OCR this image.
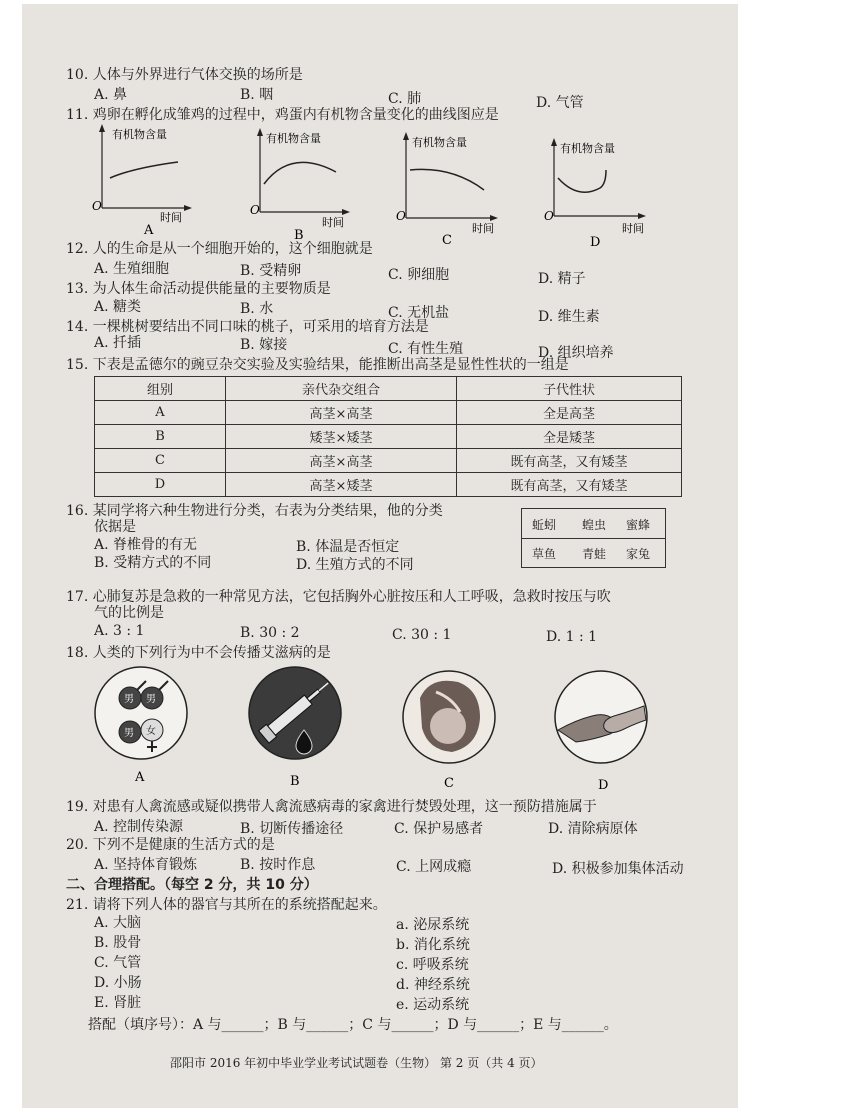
10. 人体与外界进行气体交换的场所是
A. 鼻	B. 咽	C. 肺	D. 气管
11. 鸡卵在孵化成雏鸡的过程中，鸡蛋内有机物含量变化的曲线图应是
有机物含量
O
时间
A
有机物含量
O
时间
B
有机物含量
O
时间
C
有机物含量
O
时间
D
12. 人的生命是从一个细胞开始的，这个细胞就是
A. 生殖细胞	B. 受精卵	C. 卵细胞	D. 精子
13. 为人体生命活动提供能量的主要物质是
A. 糖类	B. 水	C. 无机盐	D. 维生素
14. 一棵桃树要结出不同口味的桃子，可采用的培育方法是
A. 扦插	B. 嫁接	C. 有性生殖	D. 组织培养
15. 下表是孟德尔的豌豆杂交实验及实验结果，能推断出高茎是显性性状的一组是
组别	亲代杂交组合	子代性状
A	高茎×高茎	全是高茎
B	矮茎×矮茎	全是矮茎
C	高茎×高茎	既有高茎，又有矮茎
D	高茎×矮茎	既有高茎，又有矮茎
16. 某同学将六种生物进行分类，右表为分类结果，他的分类
依据是
A. 脊椎骨的有无	B. 体温是否恒定
B. 受精方式的不同	D. 生殖方式的不同
蚯蚓 蝗虫 蜜蜂
草鱼 青蛙 家兔
17. 心肺复苏是急救的一种常见方法，它包括胸外心脏按压和人工呼吸，急救时按压与吹
气的比例是
A. 3 : 1	B. 30 : 2	C. 30 : 1	D. 1 : 1
18. 人类的下列行为中不会传播艾滋病的是
男 男
男 女
A	B	C	D
19. 对患有人禽流感或疑似携带人禽流感病毒的家禽进行焚毁处理，这一预防措施属于
A. 控制传染源	B. 切断传播途径	C. 保护易感者	D. 清除病原体
20. 下列不是健康的生活方式的是
A. 坚持体育锻炼	B. 按时作息	C. 上网成瘾	D. 积极参加集体活动
二、合理搭配。（每空 2 分，共 10 分）
21. 请将下列人体的器官与其所在的系统搭配起来。
A. 大脑
B. 股骨
C. 气管
D. 小肠
E. 肾脏
a. 泌尿系统
b. 消化系统
c. 呼吸系统
d. 神经系统
e. 运动系统
搭配（填序号）：A 与______；B 与______；C 与______；D 与______；E 与______。
邵阳市 2016 年初中毕业学业考试试题卷（生物） 第 2 页（共 4 页）
